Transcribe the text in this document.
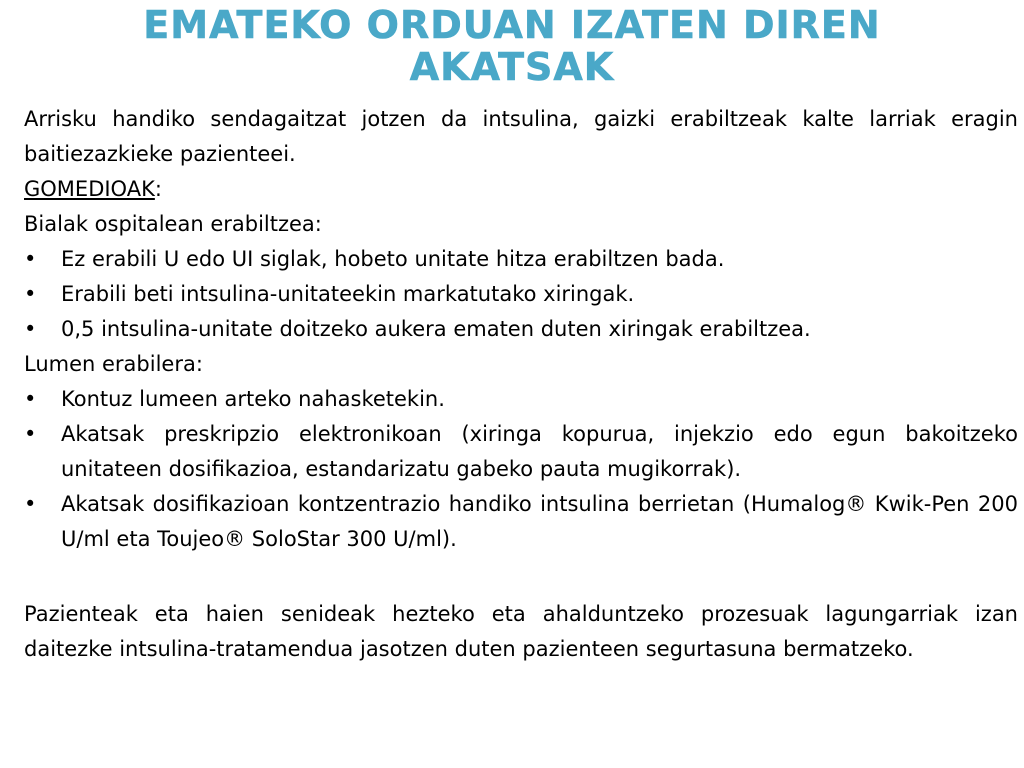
EMATEKO ORDUAN IZATEN DIREN
AKATSAK

Arrisku handiko sendagaitzat jotzen da intsulina, gaizki erabiltzeak kalte larriak eragin baitiezazkieke pazienteei.

GOMEDIOAK:

Bialak ospitalean erabiltzea:

•	Ez erabili U edo UI siglak, hobeto unitate hitza erabiltzen bada.
•	Erabili beti intsulina-unitateekin markatutako xiringak.
•	0,5 intsulina-unitate doitzeko aukera ematen duten xiringak erabiltzea.

Lumen erabilera:

•	Kontuz lumeen arteko nahasketekin.
•	Akatsak preskripzio elektronikoan (xiringa kopurua, injekzio edo egun bakoitzeko unitateen dosifikazioa, estandarizatu gabeko pauta mugikorrak).
•	Akatsak dosifikazioan kontzentrazio handiko intsulina berrietan (Humalog® Kwik-Pen 200 U/ml eta Toujeo® SoloStar 300 U/ml).

Pazienteak eta haien senideak hezteko eta ahalduntzeko prozesuak lagungarriak izan daitezke intsulina-tratamendua jasotzen duten pazienteen segurtasuna bermatzeko.
